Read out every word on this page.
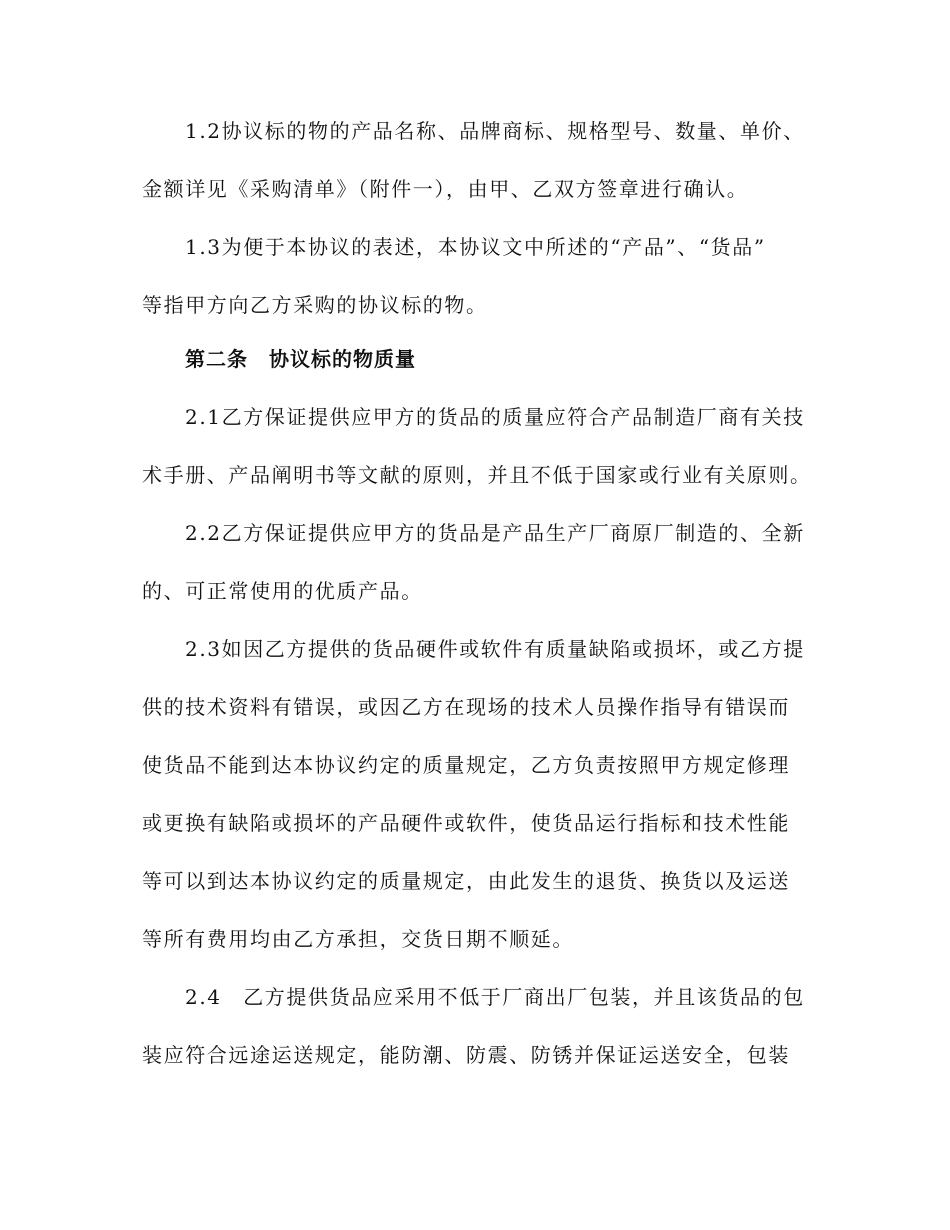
1.2协议标的物的产品名称、品牌商标、规格型号、数量、单价、
金额详见《采购清单》（附件一），由甲、乙双方签章进行确认。
1.3为便于本协议的表述，本协议文中所述的“产品”、“货品”
等指甲方向乙方采购的协议标的物。
第二条　协议标的物质量
2.1乙方保证提供应甲方的货品的质量应符合产品制造厂商有关技
术手册、产品阐明书等文献的原则，并且不低于国家或行业有关原则。
2.2乙方保证提供应甲方的货品是产品生产厂商原厂制造的、全新
的、可正常使用的优质产品。
2.3如因乙方提供的货品硬件或软件有质量缺陷或损坏，或乙方提
供的技术资料有错误，或因乙方在现场的技术人员操作指导有错误而
使货品不能到达本协议约定的质量规定，乙方负责按照甲方规定修理
或更换有缺陷或损坏的产品硬件或软件，使货品运行指标和技术性能
等可以到达本协议约定的质量规定，由此发生的退货、换货以及运送
等所有费用均由乙方承担，交货日期不顺延。
2.4　乙方提供货品应采用不低于厂商出厂包装，并且该货品的包
装应符合远途运送规定，能防潮、防震、防锈并保证运送安全，包装
